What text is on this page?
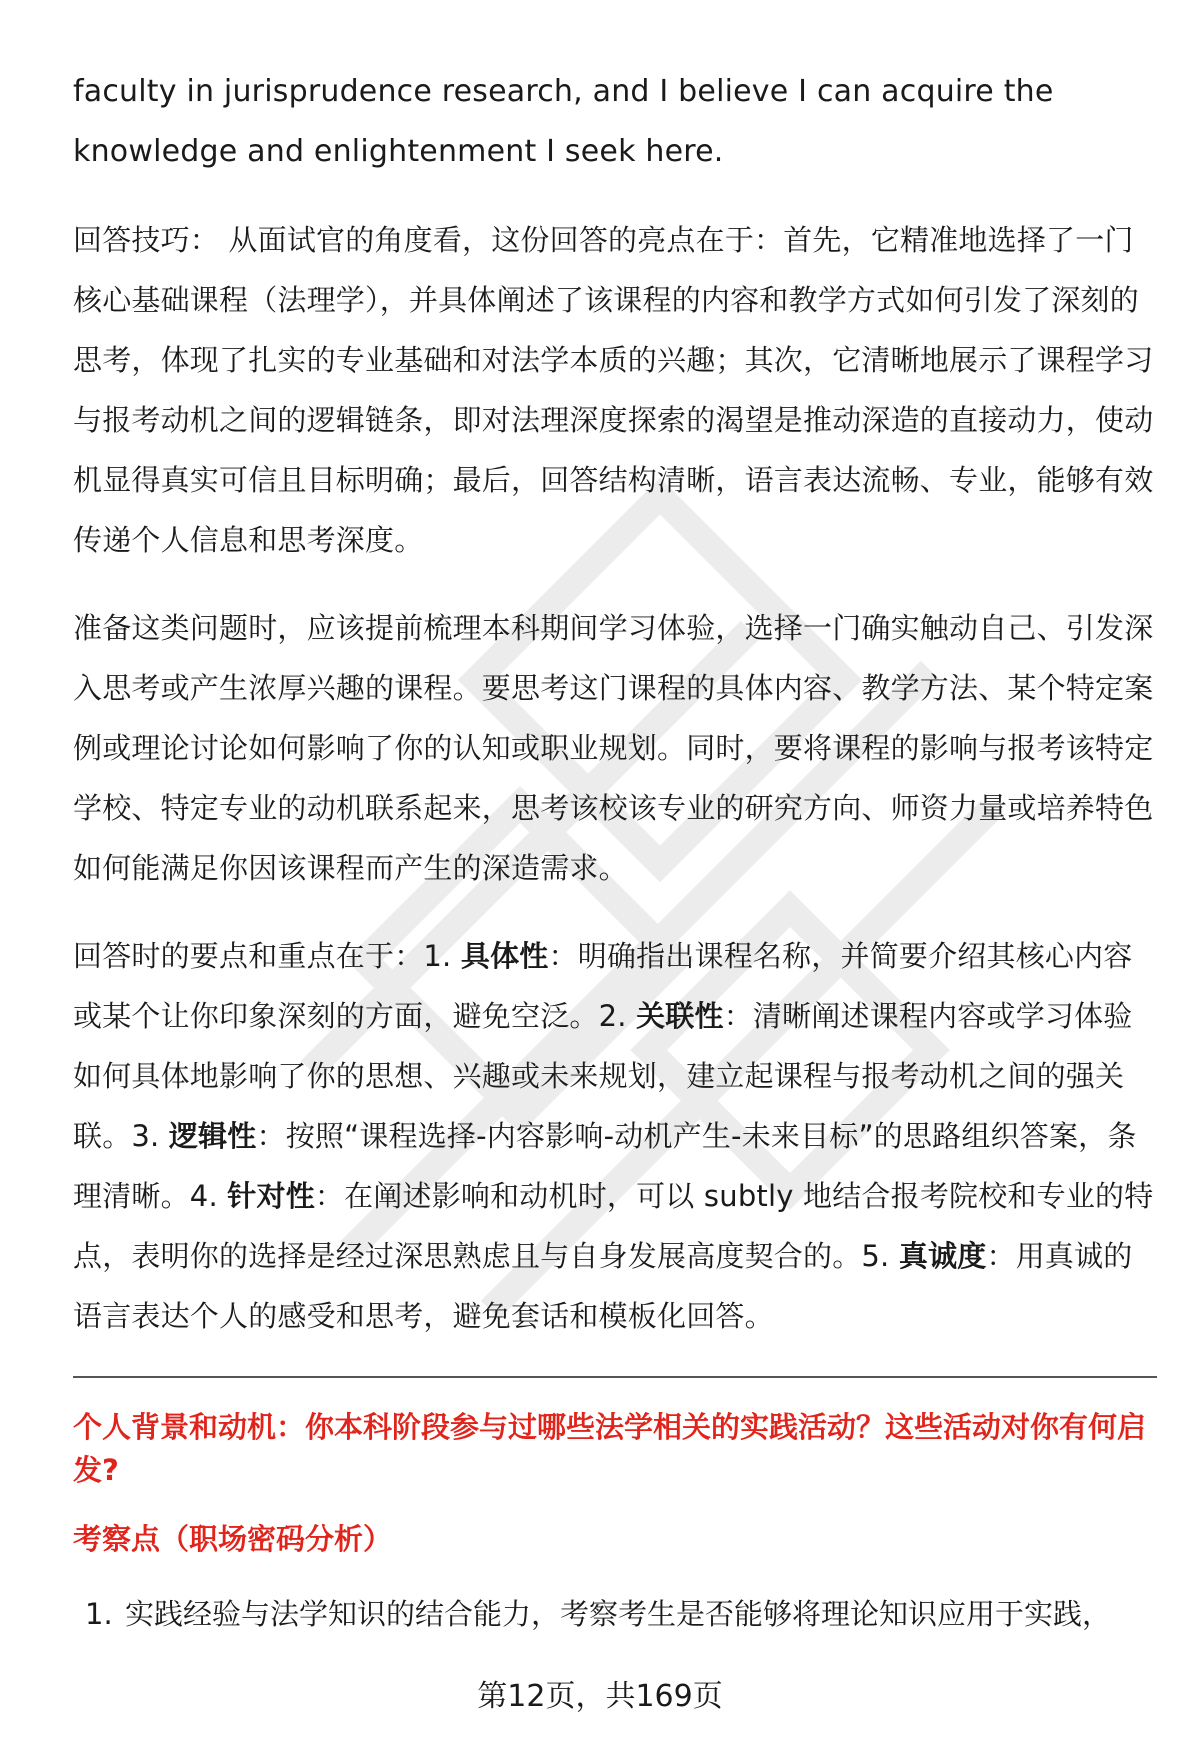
faculty in jurisprudence research, and I believe I can acquire the knowledge and enlightenment I seek here.

回答技巧： 从面试官的角度看，这份回答的亮点在于：首先，它精准地选择了一门核心基础课程（法理学），并具体阐述了该课程的内容和教学方式如何引发了深刻的思考，体现了扎实的专业基础和对法学本质的兴趣；其次，它清晰地展示了课程学习与报考动机之间的逻辑链条，即对法理深度探索的渴望是推动深造的直接动力，使动机显得真实可信且目标明确；最后，回答结构清晰，语言表达流畅、专业，能够有效传递个人信息和思考深度。

准备这类问题时，应该提前梳理本科期间学习体验，选择一门确实触动自己、引发深入思考或产生浓厚兴趣的课程。要思考这门课程的具体内容、教学方法、某个特定案例或理论讨论如何影响了你的认知或职业规划。同时，要将课程的影响与报考该特定学校、特定专业的动机联系起来，思考该校该专业的研究方向、师资力量或培养特色如何能满足你因该课程而产生的深造需求。

回答时的要点和重点在于：1. 具体性：明确指出课程名称，并简要介绍其核心内容或某个让你印象深刻的方面，避免空泛。2. 关联性：清晰阐述课程内容或学习体验如何具体地影响了你的思想、兴趣或未来规划，建立起课程与报考动机之间的强关联。3. 逻辑性：按照“课程选择-内容影响-动机产生-未来目标”的思路组织答案，条理清晰。4. 针对性：在阐述影响和动机时，可以 subtly 地结合报考院校和专业的特点，表明你的选择是经过深思熟虑且与自身发展高度契合的。5. 真诚度：用真诚的语言表达个人的感受和思考，避免套话和模板化回答。

个人背景和动机：你本科阶段参与过哪些法学相关的实践活动？这些活动对你有何启发?

考察点（职场密码分析）

1. 实践经验与法学知识的结合能力，考察考生是否能够将理论知识应用于实践，

第12页，共169页
